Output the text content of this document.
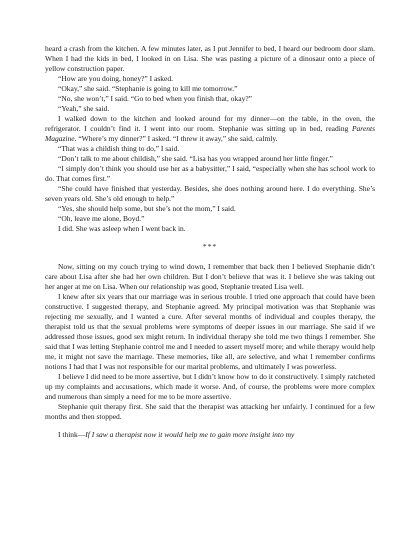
heard a crash from the kitchen. A few minutes later, as I put Jennifer to bed, I heard our bedroom door slam. When I had the kids in bed, I looked in on Lisa. She was pasting a picture of a dinosaur onto a piece of yellow construction paper.

“How are you doing, honey?” I asked.

“Okay,” she said. “Stephanie is going to kill me tomorrow.”

“No, she won’t,” I said. “Go to bed when you finish that, okay?”

“Yeah,” she said.

I walked down to the kitchen and looked around for my dinner—on the table, in the oven, the refrigerator. I couldn’t find it. I went into our room. Stephanie was sitting up in bed, reading Parents Magazine. “Where’s my dinner?” I asked. “I threw it away,” she said, calmly.

“That was a childish thing to do,” I said.

“Don’t talk to me about childish,” she said. “Lisa has you wrapped around her little finger.”

“I simply don’t think you should use her as a babysitter,” I said, “especially when she has school work to do. That comes first.”

“She could have finished that yesterday. Besides, she does nothing around here. I do everything. She’s seven years old. She’s old enough to help.”

“Yes, she should help some, but she’s not the mom,” I said.

“Oh, leave me alone, Boyd.”

I did. She was asleep when I went back in.

***

Now, sitting on my couch trying to wind down, I remember that back then I believed Stephanie didn’t care about Lisa after she had her own children. But I don’t believe that was it. I believe she was taking out her anger at me on Lisa. When our relationship was good, Stephanie treated Lisa well.

I knew after six years that our marriage was in serious trouble. I tried one approach that could have been constructive. I suggested therapy, and Stephanie agreed. My principal motivation was that Stephanie was rejecting me sexually, and I wanted a cure. After several months of individual and couples therapy, the therapist told us that the sexual problems were symptoms of deeper issues in our marriage. She said if we addressed those issues, good sex might return. In individual therapy she told me two things I remember. She said that I was letting Stephanie control me and I needed to assert myself more; and while therapy would help me, it might not save the marriage. These memories, like all, are selective, and what I remember confirms notions I had that I was not responsible for our marital problems, and ultimately I was powerless.

I believe I did need to be more assertive, but I didn’t know how to do it constructively. I simply ratcheted up my complaints and accusations, which made it worse. And, of course, the problems were more complex and numerous than simply a need for me to be more assertive.

Stephanie quit therapy first. She said that the therapist was attacking her unfairly. I continued for a few months and then stopped.

I think—If I saw a therapist now it would help me to gain more insight into my
